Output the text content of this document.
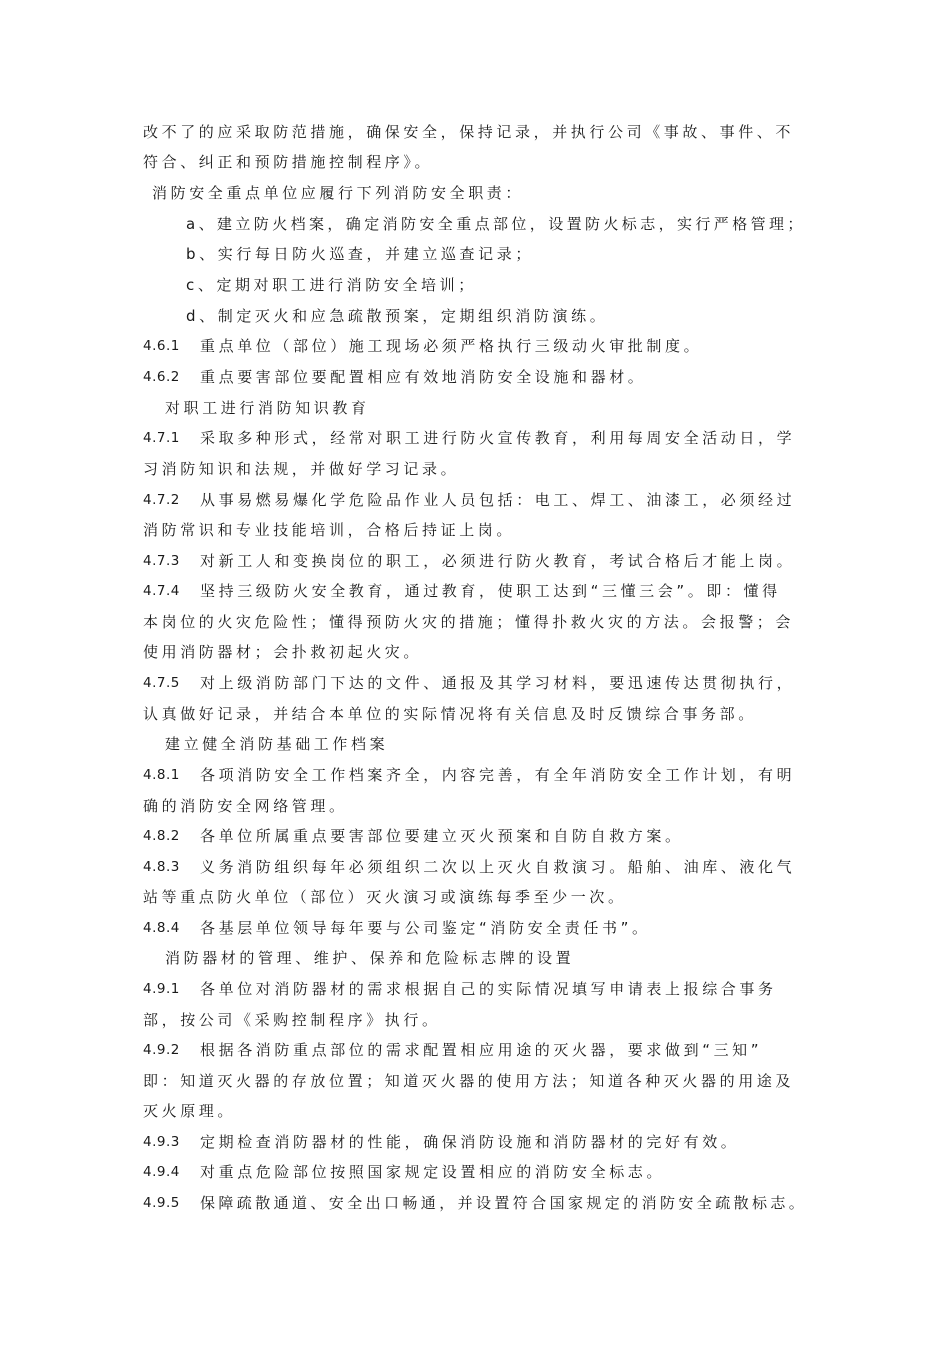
改不了的应采取防范措施，确保安全，保持记录，并执行公司《事故、事件、不
符合、纠正和预防措施控制程序》。
消防安全重点单位应履行下列消防安全职责：
a、建立防火档案，确定消防安全重点部位，设置防火标志，实行严格管理；
b、实行每日防火巡查，并建立巡查记录；
c、定期对职工进行消防安全培训；
d、制定灭火和应急疏散预案，定期组织消防演练。
4.6.1 重点单位（部位）施工现场必须严格执行三级动火审批制度。
4.6.2 重点要害部位要配置相应有效地消防安全设施和器材。
对职工进行消防知识教育
4.7.1 采取多种形式，经常对职工进行防火宣传教育，利用每周安全活动日，学
习消防知识和法规，并做好学习记录。
4.7.2 从事易燃易爆化学危险品作业人员包括：电工、焊工、油漆工，必须经过
消防常识和专业技能培训，合格后持证上岗。
4.7.3 对新工人和变换岗位的职工，必须进行防火教育，考试合格后才能上岗。
4.7.4 坚持三级防火安全教育，通过教育，使职工达到“三懂三会”。即：懂得
本岗位的火灾危险性；懂得预防火灾的措施；懂得扑救火灾的方法。会报警；会
使用消防器材；会扑救初起火灾。
4.7.5 对上级消防部门下达的文件、通报及其学习材料，要迅速传达贯彻执行，
认真做好记录，并结合本单位的实际情况将有关信息及时反馈综合事务部。
建立健全消防基础工作档案
4.8.1 各项消防安全工作档案齐全，内容完善，有全年消防安全工作计划，有明
确的消防安全网络管理。
4.8.2 各单位所属重点要害部位要建立灭火预案和自防自救方案。
4.8.3 义务消防组织每年必须组织二次以上灭火自救演习。船舶、油库、液化气
站等重点防火单位（部位）灭火演习或演练每季至少一次。
4.8.4 各基层单位领导每年要与公司鉴定“消防安全责任书”。
消防器材的管理、维护、保养和危险标志牌的设置
4.9.1 各单位对消防器材的需求根据自己的实际情况填写申请表上报综合事务
部，按公司《采购控制程序》执行。
4.9.2 根据各消防重点部位的需求配置相应用途的灭火器，要求做到“三知”
即：知道灭火器的存放位置；知道灭火器的使用方法；知道各种灭火器的用途及
灭火原理。
4.9.3 定期检查消防器材的性能，确保消防设施和消防器材的完好有效。
4.9.4 对重点危险部位按照国家规定设置相应的消防安全标志。
4.9.5 保障疏散通道、安全出口畅通，并设置符合国家规定的消防安全疏散标志。
